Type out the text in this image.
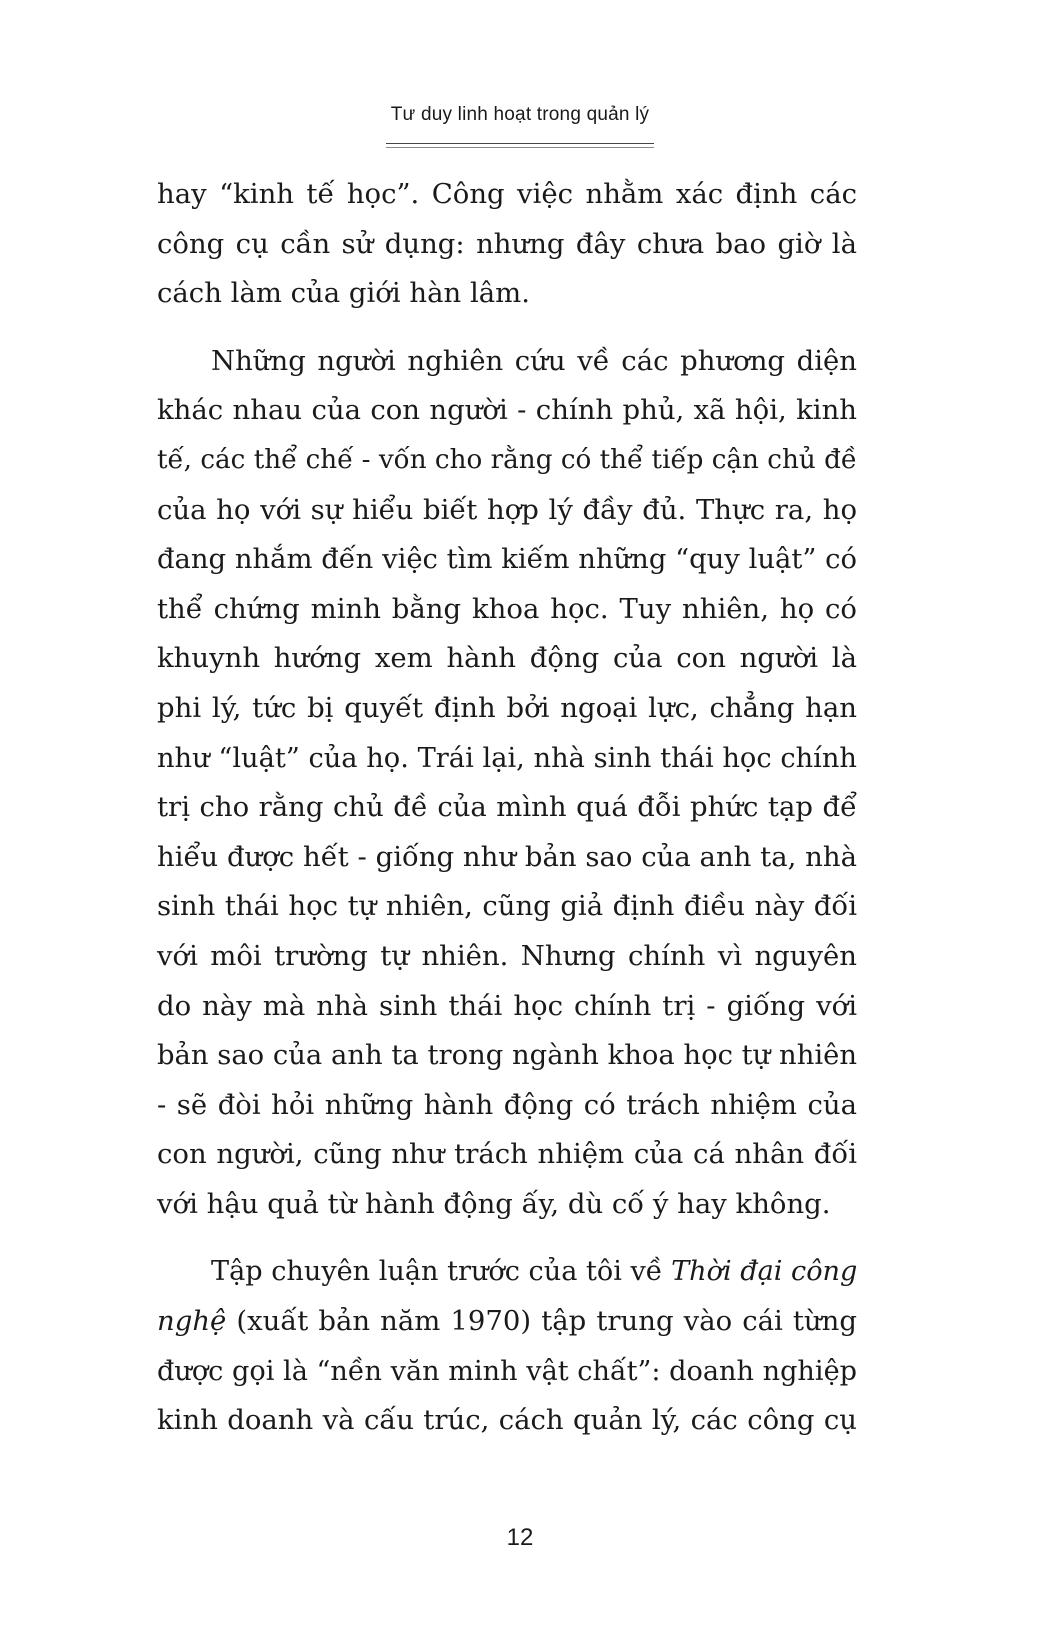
Tư duy linh hoạt trong quản lý
hay “kinh tế học”. Công việc nhằm xác định các
công cụ cần sử dụng: nhưng đây chưa bao giờ là
cách làm của giới hàn lâm.
Những người nghiên cứu về các phương diện
khác nhau của con người - chính phủ, xã hội, kinh
tế, các thể chế - vốn cho rằng có thể tiếp cận chủ đề
của họ với sự hiểu biết hợp lý đầy đủ. Thực ra, họ
đang nhắm đến việc tìm kiếm những “quy luật” có
thể chứng minh bằng khoa học. Tuy nhiên, họ có
khuynh hướng xem hành động của con người là
phi lý, tức bị quyết định bởi ngoại lực, chẳng hạn
như “luật” của họ. Trái lại, nhà sinh thái học chính
trị cho rằng chủ đề của mình quá đỗi phức tạp để
hiểu được hết - giống như bản sao của anh ta, nhà
sinh thái học tự nhiên, cũng giả định điều này đối
với môi trường tự nhiên. Nhưng chính vì nguyên
do này mà nhà sinh thái học chính trị - giống với
bản sao của anh ta trong ngành khoa học tự nhiên
- sẽ đòi hỏi những hành động có trách nhiệm của
con người, cũng như trách nhiệm của cá nhân đối
với hậu quả từ hành động ấy, dù cố ý hay không.
Tập chuyên luận trước của tôi về Thời đại công
nghệ (xuất bản năm 1970) tập trung vào cái từng
được gọi là “nền văn minh vật chất”: doanh nghiệp
kinh doanh và cấu trúc, cách quản lý, các công cụ
12
